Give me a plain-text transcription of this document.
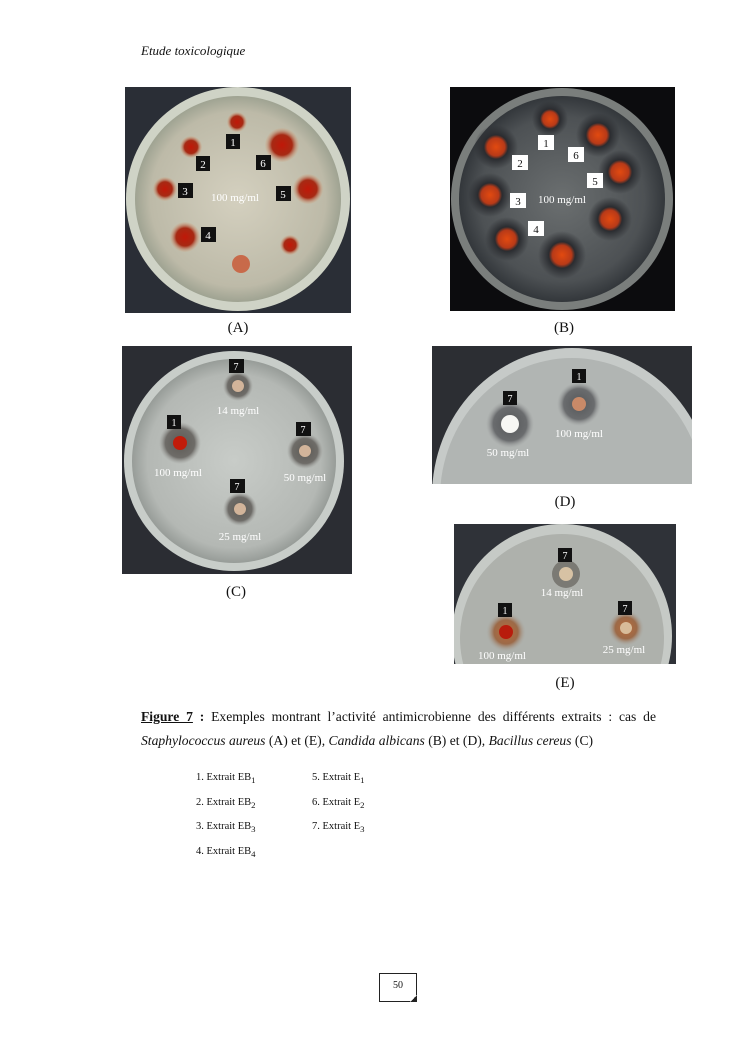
Etude toxicologique
1
2	6
3	5
4
100 mg/ml
(A)
1
2
6
5
3
4
100 mg/ml
(B)
7
1
7
7
14 mg/ml
100 mg/ml	50 mg/ml
25 mg/ml
(C)
7
1
50 mg/ml
100 mg/ml
(D)
7
1	7
14 mg/ml
100 mg/ml	25 mg/ml
(E)
Figure 7 : Exemples montrant l’activité antimicrobienne des différents extraits : cas de Staphylococcus aureus (A) et (E), Candida albicans (B) et (D), Bacillus cereus (C)
1. Extrait $EB_1$
2. Extrait $EB_2$
3. Extrait $EB_3$
4. Extrait $EB_4$
5. Extrait $E_1$
6. Extrait $E_2$
7. Extrait $E_3$
50
